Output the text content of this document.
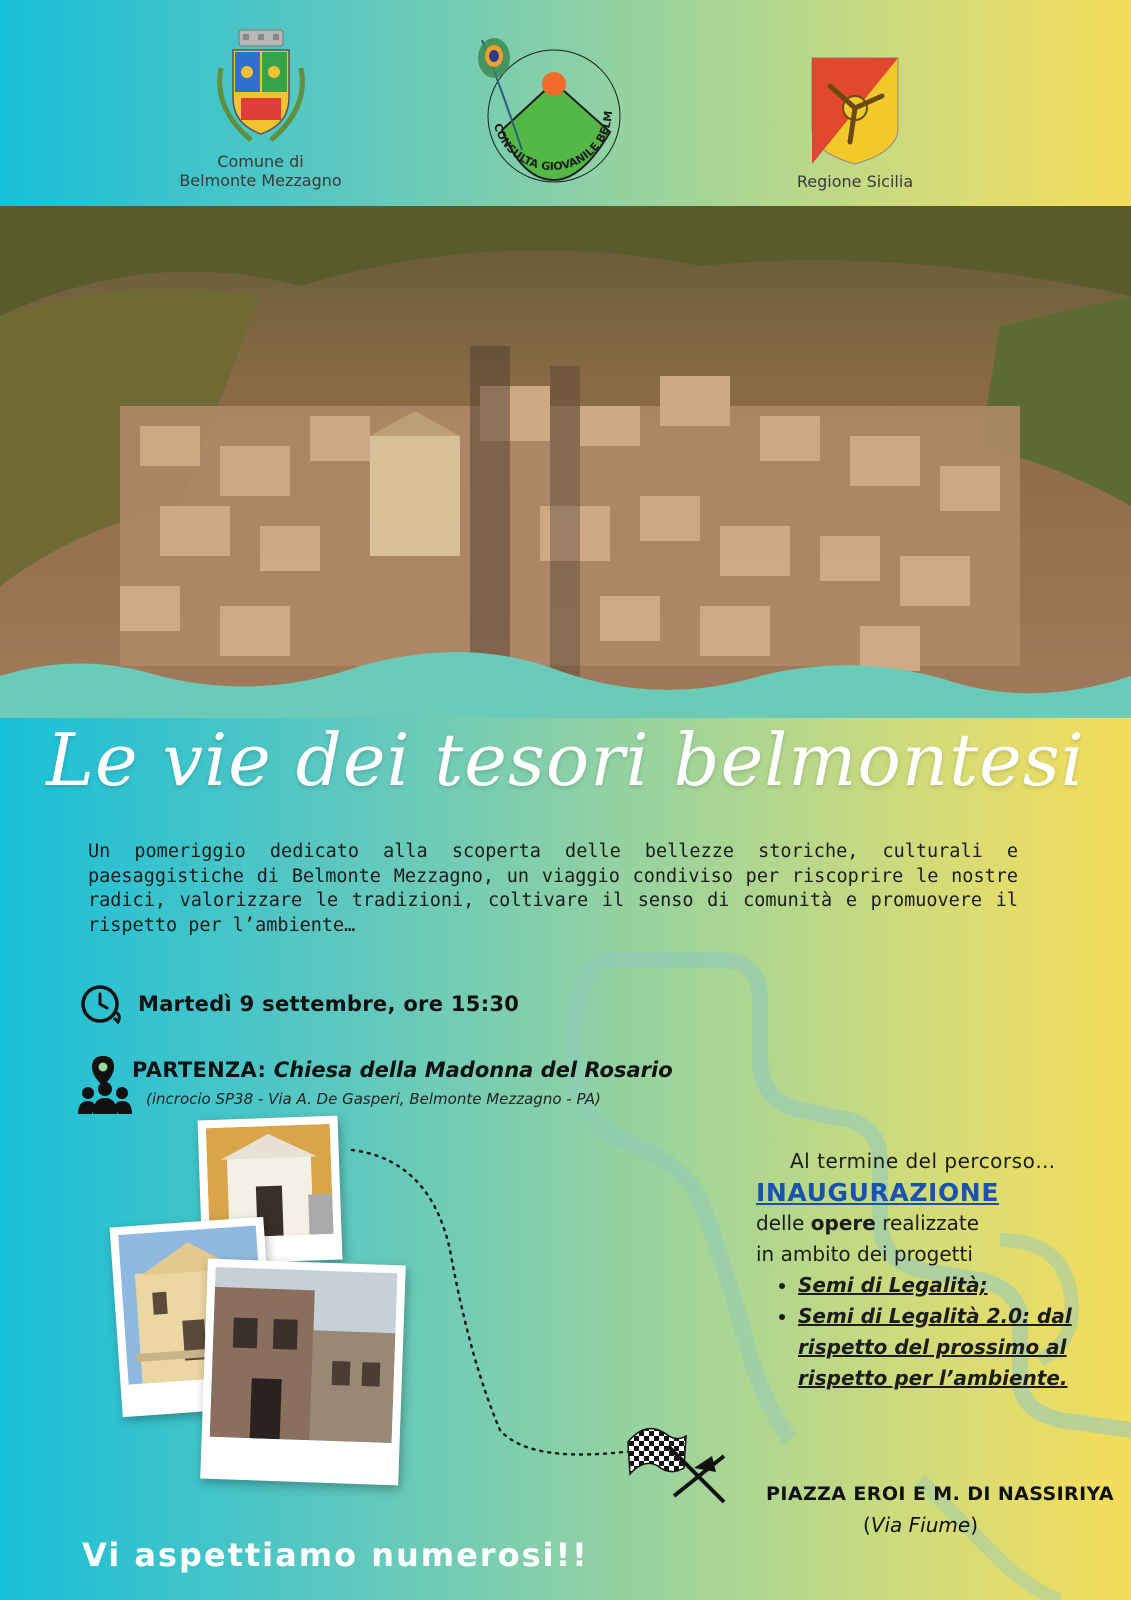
Comune di
Belmonte Mezzagno
CONSULTA GIOVANILE BELM
Regione Sicilia
Le vie dei tesori belmontesi
Un pomeriggio dedicato alla scoperta delle bellezze storiche, culturali e paesaggistiche di Belmonte Mezzagno, un viaggio condiviso per riscoprire le nostre radici, valorizzare le tradizioni, coltivare il senso di comunità e promuovere il rispetto per l’ambiente…
Martedì 9 settembre, ore 15:30
PARTENZA: Chiesa della Madonna del Rosario
(incrocio SP38 - Via A. De Gasperi, Belmonte Mezzagno - PA)
Al termine del percorso…
INAUGURAZIONE
delle opere realizzate
in ambito dei progetti
• Semi di Legalità;
• Semi di Legalità 2.0: dal rispetto del prossimo al rispetto per l’ambiente.
PIAZZA EROI E M. DI NASSIRIYA
(Via Fiume)
Vi aspettiamo numerosi!!
